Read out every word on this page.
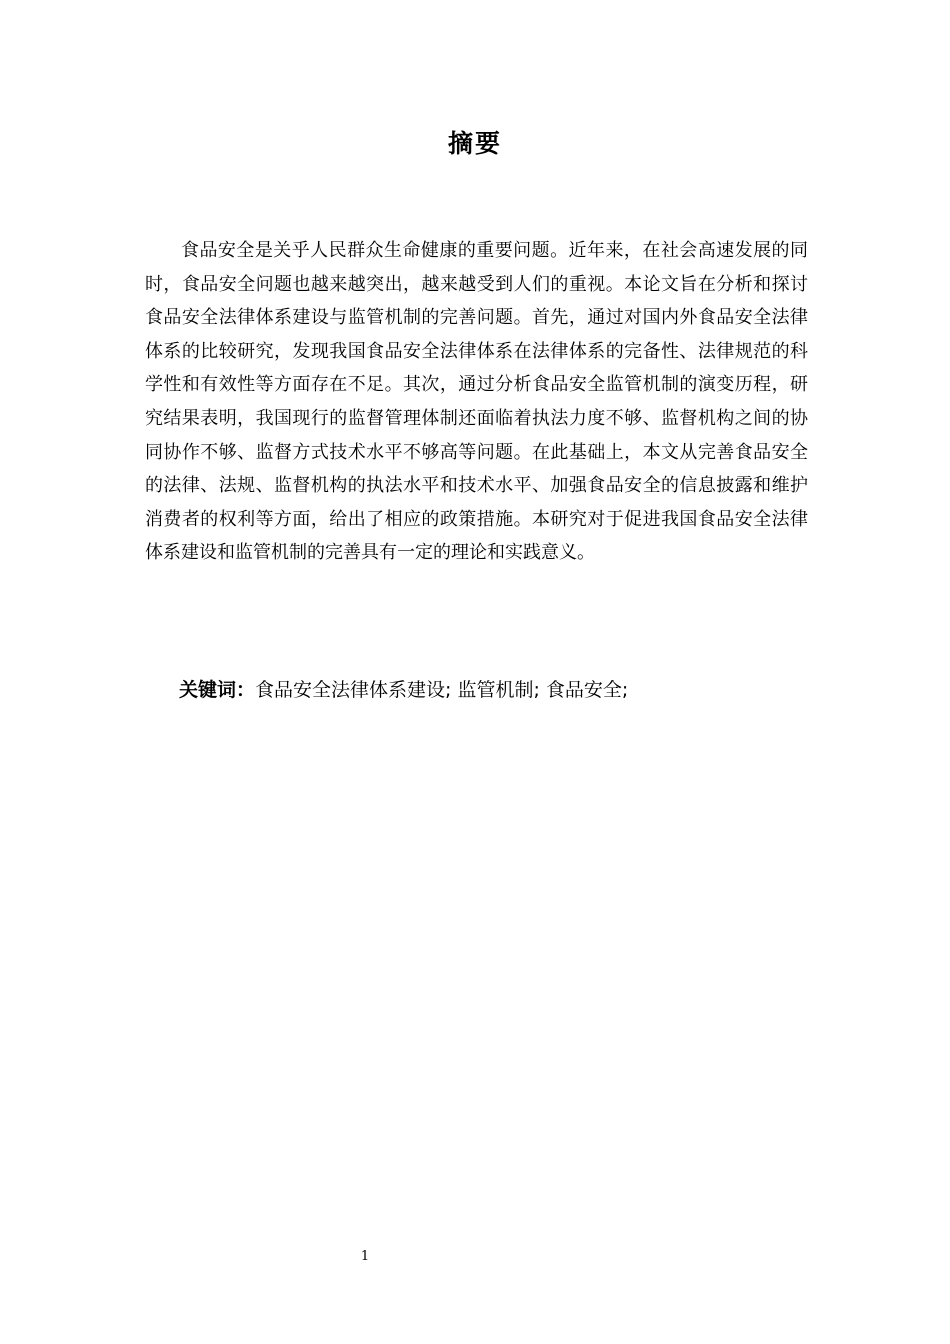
摘要

食品安全是关乎人民群众生命健康的重要问题。近年来，在社会高速发展的同时，食品安全问题也越来越突出，越来越受到人们的重视。本论文旨在分析和探讨食品安全法律体系建设与监管机制的完善问题。首先，通过对国内外食品安全法律体系的比较研究，发现我国食品安全法律体系在法律体系的完备性、法律规范的科学性和有效性等方面存在不足。其次，通过分析食品安全监管机制的演变历程，研究结果表明，我国现行的监督管理体制还面临着执法力度不够、监督机构之间的协同协作不够、监督方式技术水平不够高等问题。在此基础上，本文从完善食品安全的法律、法规、监督机构的执法水平和技术水平、加强食品安全的信息披露和维护消费者的权利等方面，给出了相应的政策措施。本研究对于促进我国食品安全法律体系建设和监管机制的完善具有一定的理论和实践意义。

关键词：食品安全法律体系建设; 监管机制; 食品安全;
1
